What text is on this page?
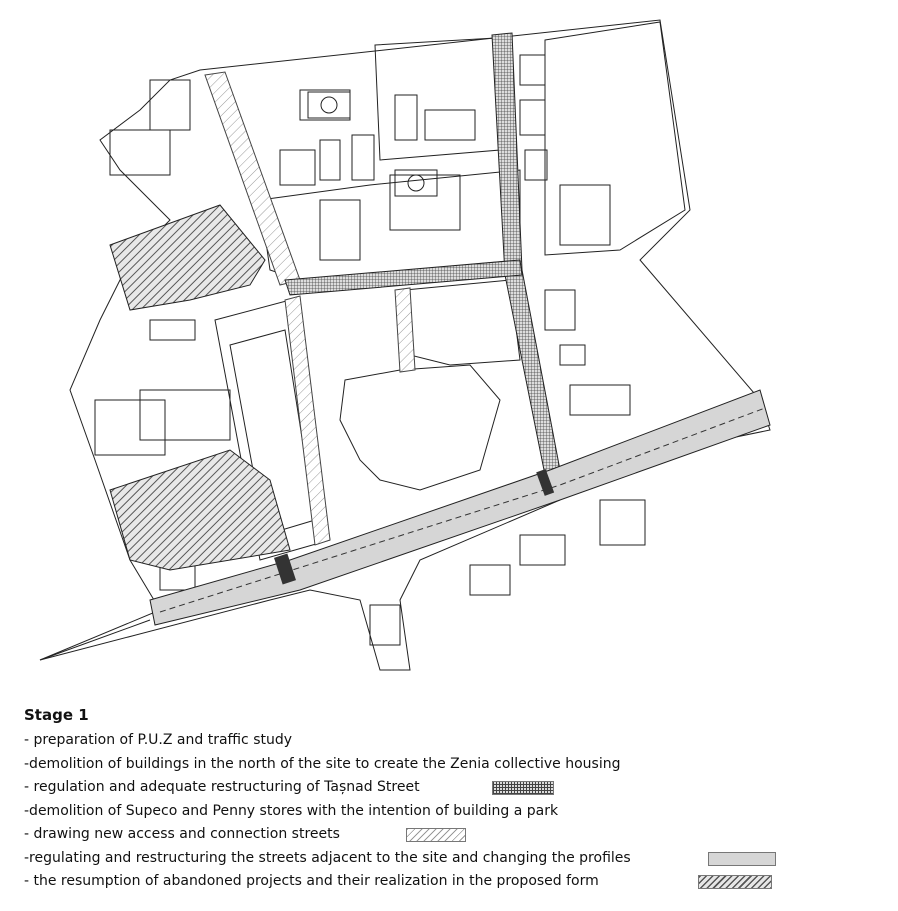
Stage 1
- preparation of P.U.Z and traffic study
-demolition of buildings in the north of the site to create the Zenia collective housing
- regulation and adequate restructuring of Tașnad Street
-demolition of Supeco and Penny stores with the intention of building a park
- drawing new access and connection streets
-regulating and restructuring the streets adjacent to the site and changing the profiles
- the resumption of abandoned projects and their realization in the proposed form
